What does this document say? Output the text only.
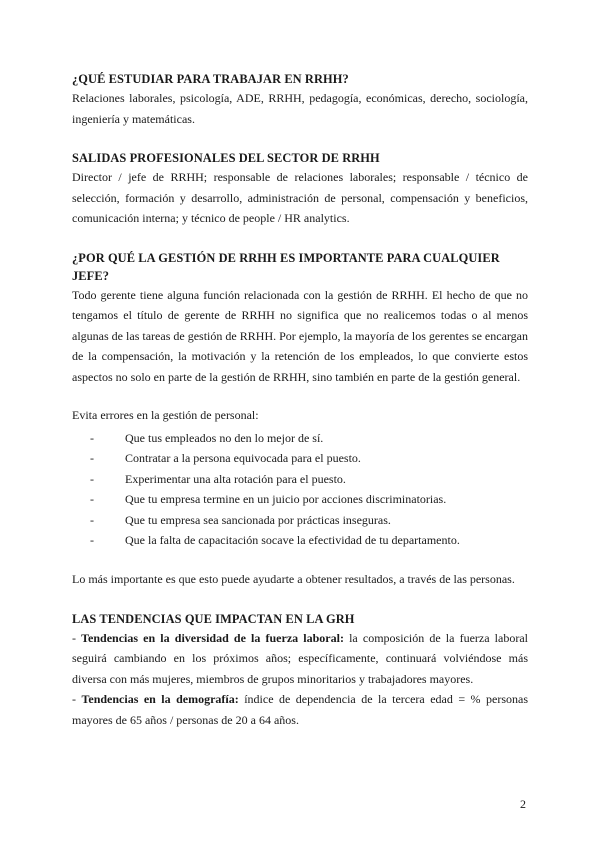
¿QUÉ ESTUDIAR PARA TRABAJAR EN RRHH?

Relaciones laborales, psicología, ADE, RRHH, pedagogía, económicas, derecho, sociología, ingeniería y matemáticas.

SALIDAS PROFESIONALES DEL SECTOR DE RRHH

Director / jefe de RRHH; responsable de relaciones laborales; responsable / técnico de selección, formación y desarrollo, administración de personal, compensación y beneficios, comunicación interna; y técnico de people / HR analytics.

¿POR QUÉ LA GESTIÓN DE RRHH ES IMPORTANTE PARA CUALQUIER JEFE?

Todo gerente tiene alguna función relacionada con la gestión de RRHH. El hecho de que no tengamos el título de gerente de RRHH no significa que no realicemos todas o al menos algunas de las tareas de gestión de RRHH. Por ejemplo, la mayoría de los gerentes se encargan de la compensación, la motivación y la retención de los empleados, lo que convierte estos aspectos no solo en parte de la gestión de RRHH, sino también en parte de la gestión general.

Evita errores en la gestión de personal:

-	Que tus empleados no den lo mejor de sí.
-	Contratar a la persona equivocada para el puesto.
-	Experimentar una alta rotación para el puesto.
-	Que tu empresa termine en un juicio por acciones discriminatorias.
-	Que tu empresa sea sancionada por prácticas inseguras.
-	Que la falta de capacitación socave la efectividad de tu departamento.

Lo más importante es que esto puede ayudarte a obtener resultados, a través de las personas.

LAS TENDENCIAS QUE IMPACTAN EN LA GRH

- Tendencias en la diversidad de la fuerza laboral: la composición de la fuerza laboral seguirá cambiando en los próximos años; específicamente, continuará volviéndose más diversa con más mujeres, miembros de grupos minoritarios y trabajadores mayores.

- Tendencias en la demografía: índice de dependencia de la tercera edad = % personas mayores de 65 años / personas de 20 a 64 años.

2
